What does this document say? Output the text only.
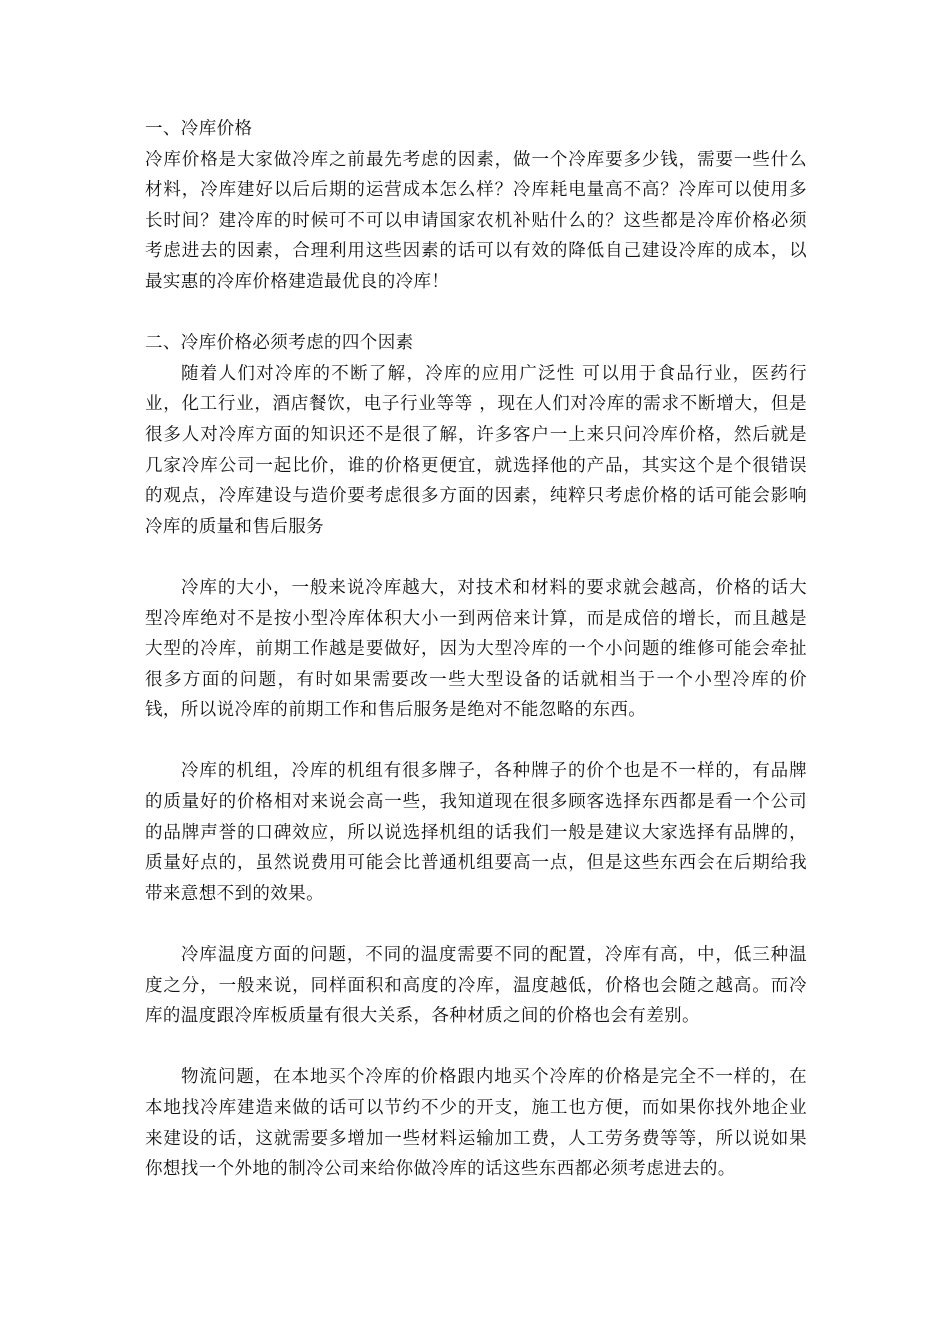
一、冷库价格

冷库价格是大家做冷库之前最先考虑的因素，做一个冷库要多少钱，需要一些什么材料，冷库建好以后后期的运营成本怎么样？冷库耗电量高不高？冷库可以使用多长时间？建冷库的时候可不可以申请国家农机补贴什么的？这些都是冷库价格必须考虑进去的因素，合理利用这些因素的话可以有效的降低自己建设冷库的成本，以最实惠的冷库价格建造最优良的冷库！

二、冷库价格必须考虑的四个因素

随着人们对冷库的不断了解，冷库的应用广泛性 可以用于食品行业，医药行业，化工行业，酒店餐饮，电子行业等等 ，现在人们对冷库的需求不断增大，但是很多人对冷库方面的知识还不是很了解，许多客户一上来只问冷库价格，然后就是几家冷库公司一起比价，谁的价格更便宜，就选择他的产品，其实这个是个很错误的观点，冷库建设与造价要考虑很多方面的因素，纯粹只考虑价格的话可能会影响冷库的质量和售后服务

冷库的大小，一般来说冷库越大，对技术和材料的要求就会越高，价格的话大型冷库绝对不是按小型冷库体积大小一到两倍来计算，而是成倍的增长，而且越是大型的冷库，前期工作越是要做好，因为大型冷库的一个小问题的维修可能会牵扯很多方面的问题，有时如果需要改一些大型设备的话就相当于一个小型冷库的价钱，所以说冷库的前期工作和售后服务是绝对不能忽略的东西。

冷库的机组，冷库的机组有很多牌子，各种牌子的价个也是不一样的，有品牌的质量好的价格相对来说会高一些，我知道现在很多顾客选择东西都是看一个公司的品牌声誉的口碑效应，所以说选择机组的话我们一般是建议大家选择有品牌的，质量好点的，虽然说费用可能会比普通机组要高一点，但是这些东西会在后期给我带来意想不到的效果。

冷库温度方面的问题，不同的温度需要不同的配置，冷库有高，中，低三种温度之分，一般来说，同样面积和高度的冷库，温度越低，价格也会随之越高。而冷库的温度跟冷库板质量有很大关系，各种材质之间的价格也会有差别。

物流问题，在本地买个冷库的价格跟内地买个冷库的价格是完全不一样的，在本地找冷库建造来做的话可以节约不少的开支，施工也方便，而如果你找外地企业来建设的话，这就需要多增加一些材料运输加工费，人工劳务费等等，所以说如果你想找一个外地的制冷公司来给你做冷库的话这些东西都必须考虑进去的。
